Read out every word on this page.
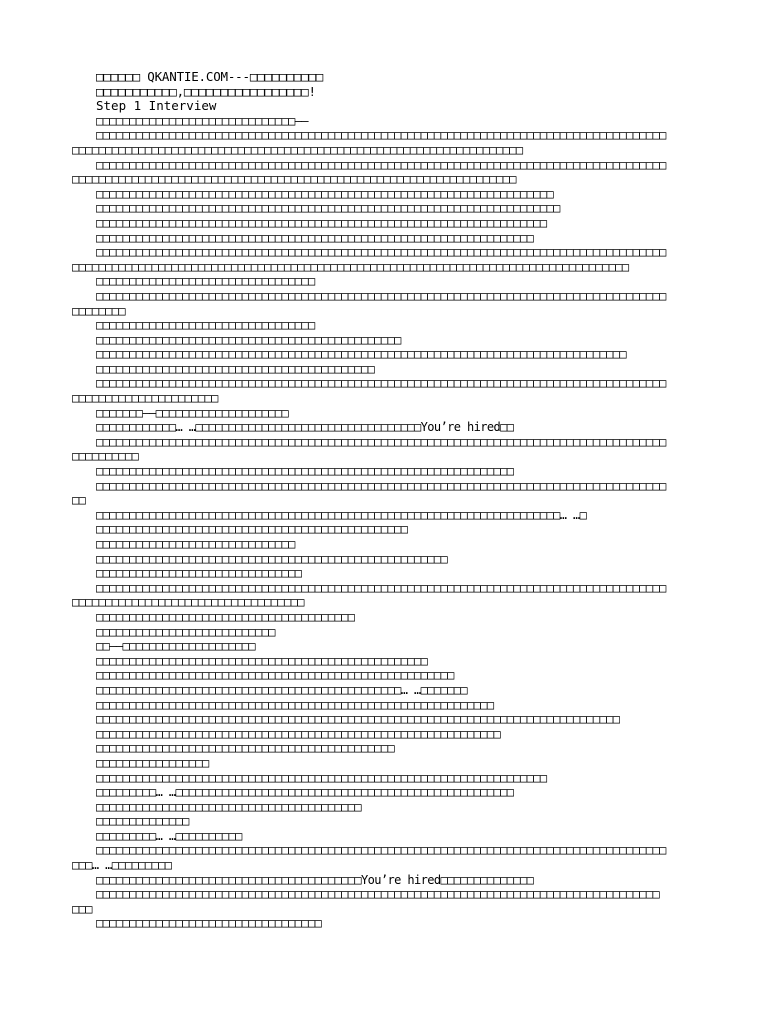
□□□□□□ QKANTIE.COM---□□□□□□□□□□
□□□□□□□□□□□,□□□□□□□□□□□□□□□□□!
Step 1 Interview
□□□□□□□□□□□□□□□□□□□□□□□□□□□□□□——
□□□□□□□□□□□□□□□□□□□□□□□□□□□□□□□□□□□□□□□□□□□□□□□□□□□□□□□□□□□□□□□□□□□□□□□□□□□□□□□□□□□□□□
□□□□□□□□□□□□□□□□□□□□□□□□□□□□□□□□□□□□□□□□□□□□□□□□□□□□□□□□□□□□□□□□□□□□
□□□□□□□□□□□□□□□□□□□□□□□□□□□□□□□□□□□□□□□□□□□□□□□□□□□□□□□□□□□□□□□□□□□□□□□□□□□□□□□□□□□□□□
□□□□□□□□□□□□□□□□□□□□□□□□□□□□□□□□□□□□□□□□□□□□□□□□□□□□□□□□□□□□□□□□□□□
□□□□□□□□□□□□□□□□□□□□□□□□□□□□□□□□□□□□□□□□□□□□□□□□□□□□□□□□□□□□□□□□□□□□□
□□□□□□□□□□□□□□□□□□□□□□□□□□□□□□□□□□□□□□□□□□□□□□□□□□□□□□□□□□□□□□□□□□□□□□
□□□□□□□□□□□□□□□□□□□□□□□□□□□□□□□□□□□□□□□□□□□□□□□□□□□□□□□□□□□□□□□□□□□□
□□□□□□□□□□□□□□□□□□□□□□□□□□□□□□□□□□□□□□□□□□□□□□□□□□□□□□□□□□□□□□□□□□
□□□□□□□□□□□□□□□□□□□□□□□□□□□□□□□□□□□□□□□□□□□□□□□□□□□□□□□□□□□□□□□□□□□□□□□□□□□□□□□□□□□□□□
□□□□□□□□□□□□□□□□□□□□□□□□□□□□□□□□□□□□□□□□□□□□□□□□□□□□□□□□□□□□□□□□□□□□□□□□□□□□□□□□□□□□
□□□□□□□□□□□□□□□□□□□□□□□□□□□□□□□□□
□□□□□□□□□□□□□□□□□□□□□□□□□□□□□□□□□□□□□□□□□□□□□□□□□□□□□□□□□□□□□□□□□□□□□□□□□□□□□□□□□□□□□□
□□□□□□□□
□□□□□□□□□□□□□□□□□□□□□□□□□□□□□□□□□
□□□□□□□□□□□□□□□□□□□□□□□□□□□□□□□□□□□□□□□□□□□□□□
□□□□□□□□□□□□□□□□□□□□□□□□□□□□□□□□□□□□□□□□□□□□□□□□□□□□□□□□□□□□□□□□□□□□□□□□□□□□□□□□
□□□□□□□□□□□□□□□□□□□□□□□□□□□□□□□□□□□□□□□□□□
□□□□□□□□□□□□□□□□□□□□□□□□□□□□□□□□□□□□□□□□□□□□□□□□□□□□□□□□□□□□□□□□□□□□□□□□□□□□□□□□□□□□□□
□□□□□□□□□□□□□□□□□□□□□□
□□□□□□□——□□□□□□□□□□□□□□□□□□□□
□□□□□□□□□□□□… …□□□□□□□□□□□□□□□□□□□□□□□□□□□□□□□□□□You’re hired□□
□□□□□□□□□□□□□□□□□□□□□□□□□□□□□□□□□□□□□□□□□□□□□□□□□□□□□□□□□□□□□□□□□□□□□□□□□□□□□□□□□□□□□□
□□□□□□□□□□
□□□□□□□□□□□□□□□□□□□□□□□□□□□□□□□□□□□□□□□□□□□□□□□□□□□□□□□□□□□□□□□
□□□□□□□□□□□□□□□□□□□□□□□□□□□□□□□□□□□□□□□□□□□□□□□□□□□□□□□□□□□□□□□□□□□□□□□□□□□□□□□□□□□□□□
□□
□□□□□□□□□□□□□□□□□□□□□□□□□□□□□□□□□□□□□□□□□□□□□□□□□□□□□□□□□□□□□□□□□□□□□□… …□
□□□□□□□□□□□□□□□□□□□□□□□□□□□□□□□□□□□□□□□□□□□□□□□
□□□□□□□□□□□□□□□□□□□□□□□□□□□□□□
□□□□□□□□□□□□□□□□□□□□□□□□□□□□□□□□□□□□□□□□□□□□□□□□□□□□□
□□□□□□□□□□□□□□□□□□□□□□□□□□□□□□□
□□□□□□□□□□□□□□□□□□□□□□□□□□□□□□□□□□□□□□□□□□□□□□□□□□□□□□□□□□□□□□□□□□□□□□□□□□□□□□□□□□□□□□
□□□□□□□□□□□□□□□□□□□□□□□□□□□□□□□□□□□
□□□□□□□□□□□□□□□□□□□□□□□□□□□□□□□□□□□□□□□
□□□□□□□□□□□□□□□□□□□□□□□□□□□
□□——□□□□□□□□□□□□□□□□□□□□
□□□□□□□□□□□□□□□□□□□□□□□□□□□□□□□□□□□□□□□□□□□□□□□□□□
□□□□□□□□□□□□□□□□□□□□□□□□□□□□□□□□□□□□□□□□□□□□□□□□□□□□□□
□□□□□□□□□□□□□□□□□□□□□□□□□□□□□□□□□□□□□□□□□□□□□□… …□□□□□□□
□□□□□□□□□□□□□□□□□□□□□□□□□□□□□□□□□□□□□□□□□□□□□□□□□□□□□□□□□□□□
□□□□□□□□□□□□□□□□□□□□□□□□□□□□□□□□□□□□□□□□□□□□□□□□□□□□□□□□□□□□□□□□□□□□□□□□□□□□□□□
□□□□□□□□□□□□□□□□□□□□□□□□□□□□□□□□□□□□□□□□□□□□□□□□□□□□□□□□□□□□□
□□□□□□□□□□□□□□□□□□□□□□□□□□□□□□□□□□□□□□□□□□□□□
□□□□□□□□□□□□□□□□□
□□□□□□□□□□□□□□□□□□□□□□□□□□□□□□□□□□□□□□□□□□□□□□□□□□□□□□□□□□□□□□□□□□□□
□□□□□□□□□… …□□□□□□□□□□□□□□□□□□□□□□□□□□□□□□□□□□□□□□□□□□□□□□□□□□□
□□□□□□□□□□□□□□□□□□□□□□□□□□□□□□□□□□□□□□□□
□□□□□□□□□□□□□□
□□□□□□□□□… …□□□□□□□□□□
□□□□□□□□□□□□□□□□□□□□□□□□□□□□□□□□□□□□□□□□□□□□□□□□□□□□□□□□□□□□□□□□□□□□□□□□□□□□□□□□□□□□□□
□□□… …□□□□□□□□□
□□□□□□□□□□□□□□□□□□□□□□□□□□□□□□□□□□□□□□□□You’re hired□□□□□□□□□□□□□□
□□□□□□□□□□□□□□□□□□□□□□□□□□□□□□□□□□□□□□□□□□□□□□□□□□□□□□□□□□□□□□□□□□□□□□□□□□□□□□□□□□□□□
□□□
□□□□□□□□□□□□□□□□□□□□□□□□□□□□□□□□□□
